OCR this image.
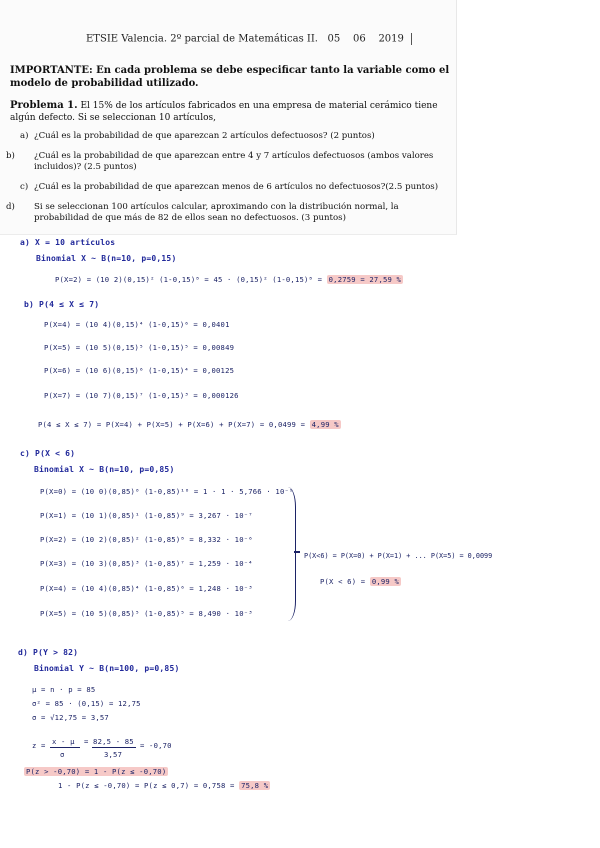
ETSIE Valencia. 2º parcial de Matemáticas II. 05 06 2019
IMPORTANTE: En cada problema se debe especificar tanto la variable como el modelo de probabilidad utilizado.
Problema 1. El 15% de los artículos fabricados en una empresa de material cerámico tiene algún defecto. Si se seleccionan 10 artículos,
a) ¿Cuál es la probabilidad de que aparezcan 2 artículos defectuosos? (2 puntos)
b) ¿Cuál es la probabilidad de que aparezcan entre 4 y 7 artículos defectuosos (ambos valores incluidos)? (2.5 puntos)
c) ¿Cuál es la probabilidad de que aparezcan menos de 6 artículos no defectuosos?(2.5 puntos)
d) Si se seleccionan 100 artículos calcular, aproximando con la distribución normal, la probabilidad de que más de 82 de ellos sean no defectuosos. (3 puntos)
a) X = 10 artículos
Binomial X ~ B(n=10, p=0,15)
P(X=2) = (10 2)(0,15)² (1-0,15)⁸ = 45 · (0,15)² (1-0,15)⁸ = 0,2759 = 27,59 %
b) P(4 ≤ X ≤ 7)
P(X=4) = (10 4)(0,15)⁴ (1-0,15)⁶ = 0,0401
P(X=5) = (10 5)(0,15)⁵ (1-0,15)⁵ = 0,00849
P(X=6) = (10 6)(0,15)⁶ (1-0,15)⁴ = 0,00125
P(X=7) = (10 7)(0,15)⁷ (1-0,15)³ = 0,000126
P(4 ≤ X ≤ 7) = P(X=4) + P(X=5) + P(X=6) + P(X=7) = 0,0499 = 4,99 %
c) P(X < 6)
Binomial X ~ B(n=10, p=0,85)
P(X=0) = (10 0)(0,85)⁰ (1-0,85)¹⁰ = 1 · 1 · 5,766 · 10⁻⁹
P(X=1) = (10 1)(0,85)¹ (1-0,85)⁹ = 3,267 · 10⁻⁷
P(X=2) = (10 2)(0,85)² (1-0,85)⁸ = 8,332 · 10⁻⁶
P(X=3) = (10 3)(0,85)³ (1-0,85)⁷ = 1,259 · 10⁻⁴
P(X=4) = (10 4)(0,85)⁴ (1-0,85)⁶ = 1,248 · 10⁻³
P(X=5) = (10 5)(0,85)⁵ (1-0,85)⁵ = 8,490 · 10⁻³
P(X<6) = P(X=0) + P(X=1) + ... P(X=5) = 0,0099
P(X < 6) = 0,99 %
d) P(Y > 82)
Binomial Y ~ B(n=100, p=0,85)
μ = n · p = 85
σ² = 85 · (0,15) = 12,75
σ = √12,75 = 3,57
z = x - μ
σ
= 82,5 - 85
3,57
= -0,70
P(z > -0,70) = 1 - P(z ≤ -0,70)
1 - P(z ≤ -0,70) = P(z ≤ 0,7) = 0,758 = 75,8 %
